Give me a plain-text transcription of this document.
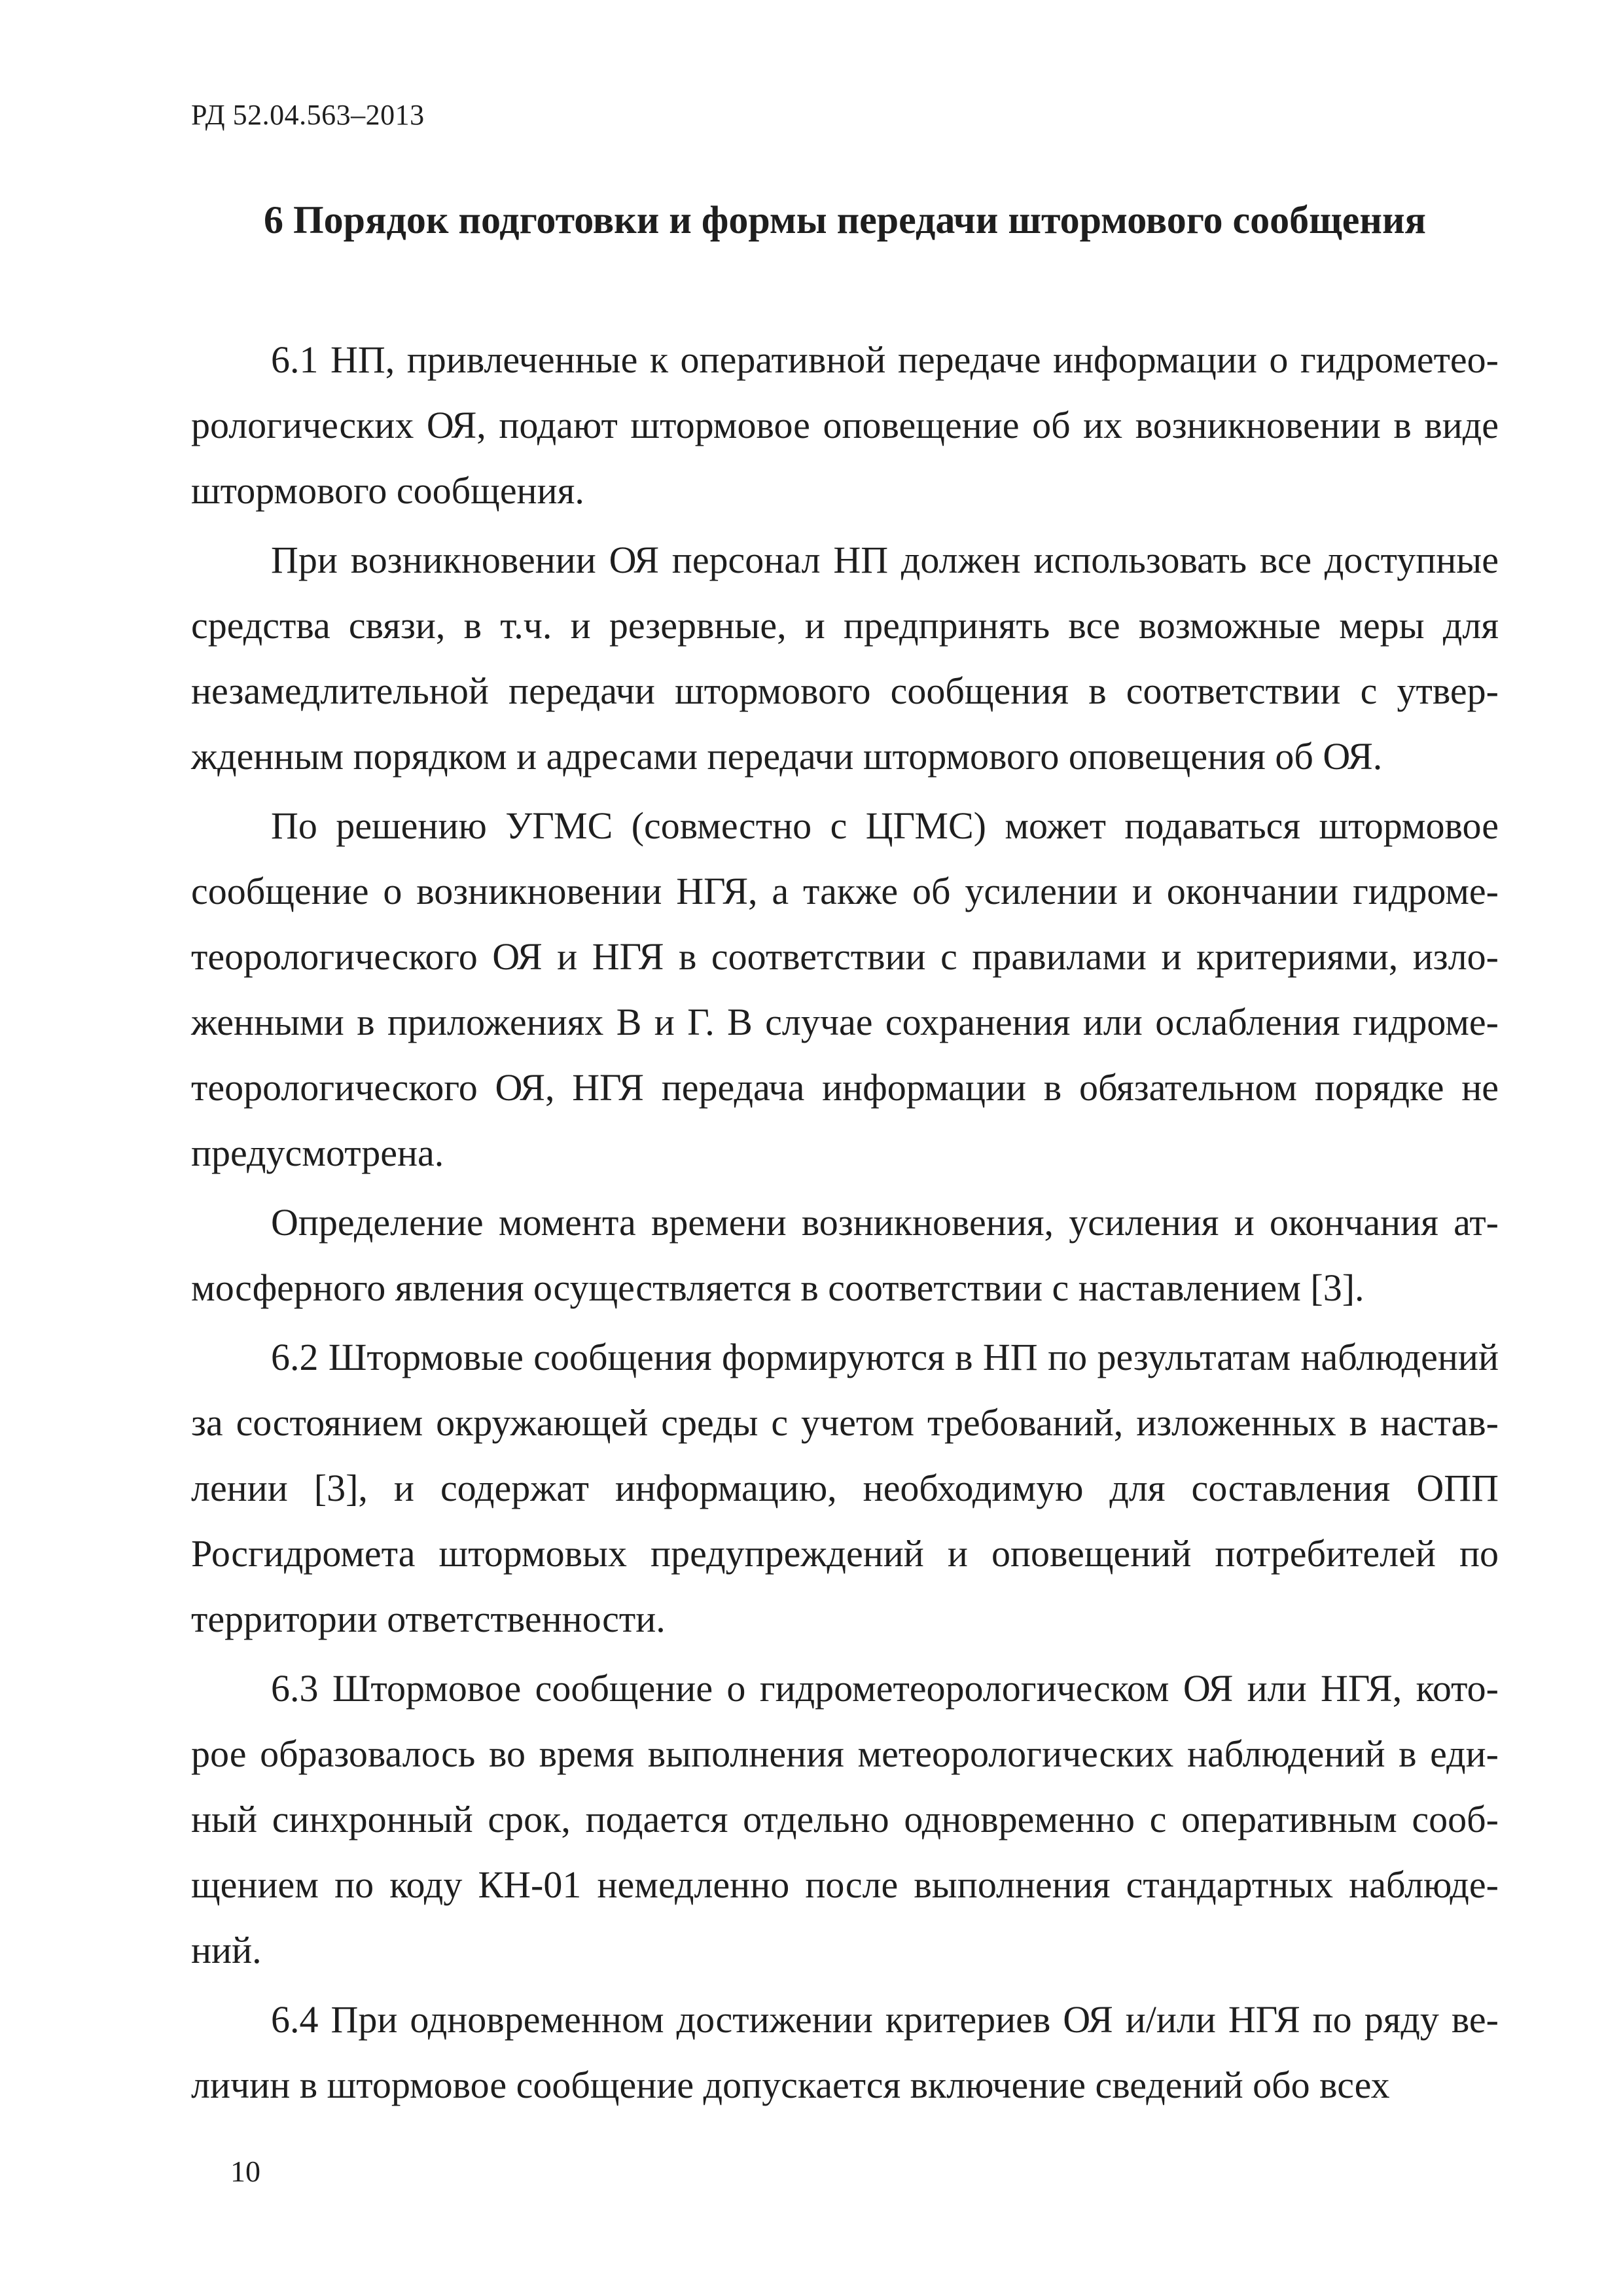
РД 52.04.563–2013
6 Порядок подготовки и формы передачи штормового сообщения

6.1 НП, привлеченные к оперативной передаче информации о гидрометеорологических ОЯ, подают штормовое оповещение об их возникновении в виде штормового сообщения.

При возникновении ОЯ персонал НП должен использовать все доступные средства связи, в т.ч. и резервные, и предпринять все возможные меры для незамедлительной передачи штормового сообщения в соответствии с утвержденным порядком и адресами передачи штормового оповещения об ОЯ.

По решению УГМС (совместно с ЦГМС) может подаваться штормовое сообщение о возникновении НГЯ, а также об усилении и окончании гидрометеорологического ОЯ и НГЯ в соответствии с правилами и критериями, изложенными в приложениях В и Г. В случае сохранения или ослабления гидрометеорологического ОЯ, НГЯ передача информации в обязательном порядке не предусмотрена.

Определение момента времени возникновения, усиления и окончания атмосферного явления осуществляется в соответствии с наставлением [3].

6.2 Штормовые сообщения формируются в НП по результатам наблюдений за состоянием окружающей среды с учетом требований, изложенных в наставлении [3], и содержат информацию, необходимую для составления ОПП Росгидромета штормовых предупреждений и оповещений потребителей по территории ответственности.

6.3 Штормовое сообщение о гидрометеорологическом ОЯ или НГЯ, которое образовалось во время выполнения метеорологических наблюдений в единый синхронный срок, подается отдельно одновременно с оперативным сообщением по коду КН-01 немедленно после выполнения стандартных наблюдений.

6.4 При одновременном достижении критериев ОЯ и/или НГЯ по ряду величин в штормовое сообщение допускается включение сведений обо всех

10
